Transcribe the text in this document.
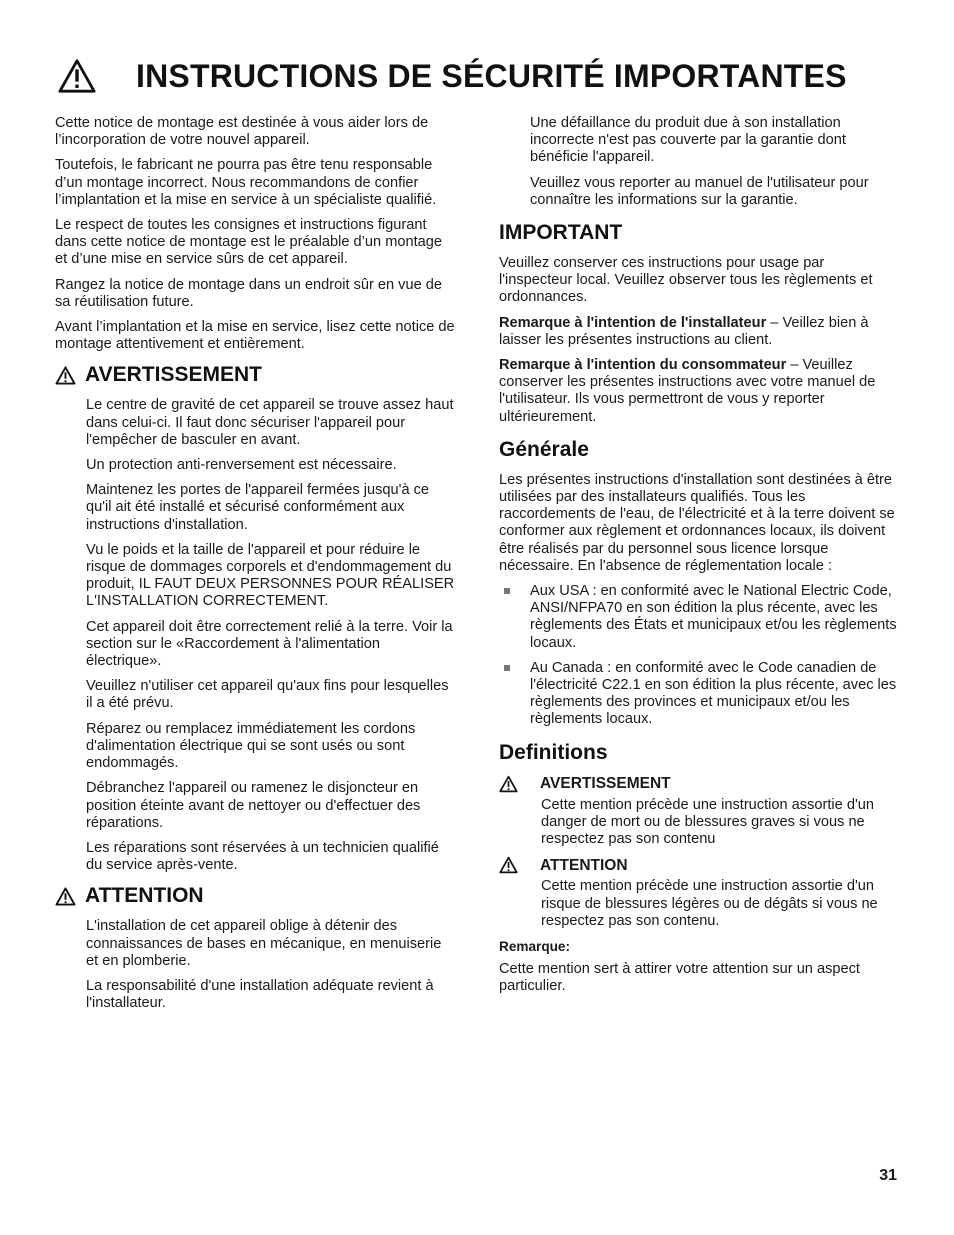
INSTRUCTIONS DE SÉCURITÉ IMPORTANTES

Cette notice de montage est destinée à vous aider lors de l’incorporation de votre nouvel appareil.

Toutefois, le fabricant ne pourra pas être tenu responsable d’un montage incorrect. Nous recommandons de confier l’implantation et la mise en service à un spécialiste qualifié.

Le respect de toutes les consignes et instructions figurant dans cette notice de montage est le préalable d’un montage et d’une mise en service sûrs de cet appareil.

Rangez la notice de montage dans un endroit sûr en vue de sa réutilisation future.

Avant l’implantation et la mise en service, lisez cette notice de montage attentivement et entièrement.

AVERTISSEMENT

Le centre de gravité de cet appareil se trouve assez haut dans celui-ci. Il faut donc sécuriser l'appareil pour l'empêcher de basculer en avant.

Un protection anti-renversement est nécessaire.

Maintenez les portes de l'appareil fermées jusqu'à ce qu'il ait été installé et sécurisé conformément aux instructions d'installation.

Vu le poids et la taille de l'appareil et pour réduire le risque de dommages corporels et d'endommagement du produit, IL FAUT DEUX PERSONNES POUR RÉALISER L'INSTALLATION CORRECTEMENT.

Cet appareil doit être correctement relié à la terre. Voir la section sur le «Raccordement à l'alimentation électrique».

Veuillez n'utiliser cet appareil qu'aux fins pour lesquelles il a été prévu.

Réparez ou remplacez immédiatement les cordons d'alimentation électrique qui se sont usés ou sont endommagés.

Débranchez l'appareil ou ramenez le disjoncteur en position éteinte avant de nettoyer ou d'effectuer des réparations.

Les réparations sont réservées à un technicien qualifié du service après-vente.

ATTENTION

L'installation de cet appareil oblige à détenir des connaissances de bases en mécanique, en menuiserie et en plomberie.

La responsabilité d'une installation adéquate revient à l'installateur.

Une défaillance du produit due à son installation incorrecte n'est pas couverte par la garantie dont bénéficie l'appareil.

Veuillez vous reporter au manuel de l'utilisateur pour connaître les informations sur la garantie.

IMPORTANT

Veuillez conserver ces instructions pour usage par l'inspecteur local. Veuillez observer tous les règlements et ordonnances.

Remarque à l'intention de l'installateur – Veillez bien à laisser les présentes instructions au client.

Remarque à l'intention du consommateur – Veuillez conserver les présentes instructions avec votre manuel de l'utilisateur. Ils vous permettront de vous y reporter ultérieurement.

Générale

Les présentes instructions d'installation sont destinées à être utilisées par des installateurs qualifiés. Tous les raccordements de l'eau, de l'électricité et à la terre doivent se conformer aux règlement et ordonnances locaux, ils doivent être réalisés par du personnel sous licence lorsque nécessaire. En l'absence de réglementation locale :

Aux USA : en conformité avec le National Electric Code, ANSI/NFPA70 en son édition la plus récente, avec les règlements des États et municipaux et/ou les règlements locaux.
Au Canada : en conformité avec le Code canadien de l'électricité C22.1 en son édition la plus récente, avec les règlements des provinces et municipaux et/ou les règlements locaux.
Definitions
AVERTISSEMENT

Cette mention précède une instruction assortie d'un danger de mort ou de blessures graves si vous ne respectez pas son contenu

ATTENTION

Cette mention précède une instruction assortie d'un risque de blessures légères ou de dégâts si vous ne respectez pas son contenu.

Remarque:

Cette mention sert à attirer votre attention sur un aspect particulier.

31
